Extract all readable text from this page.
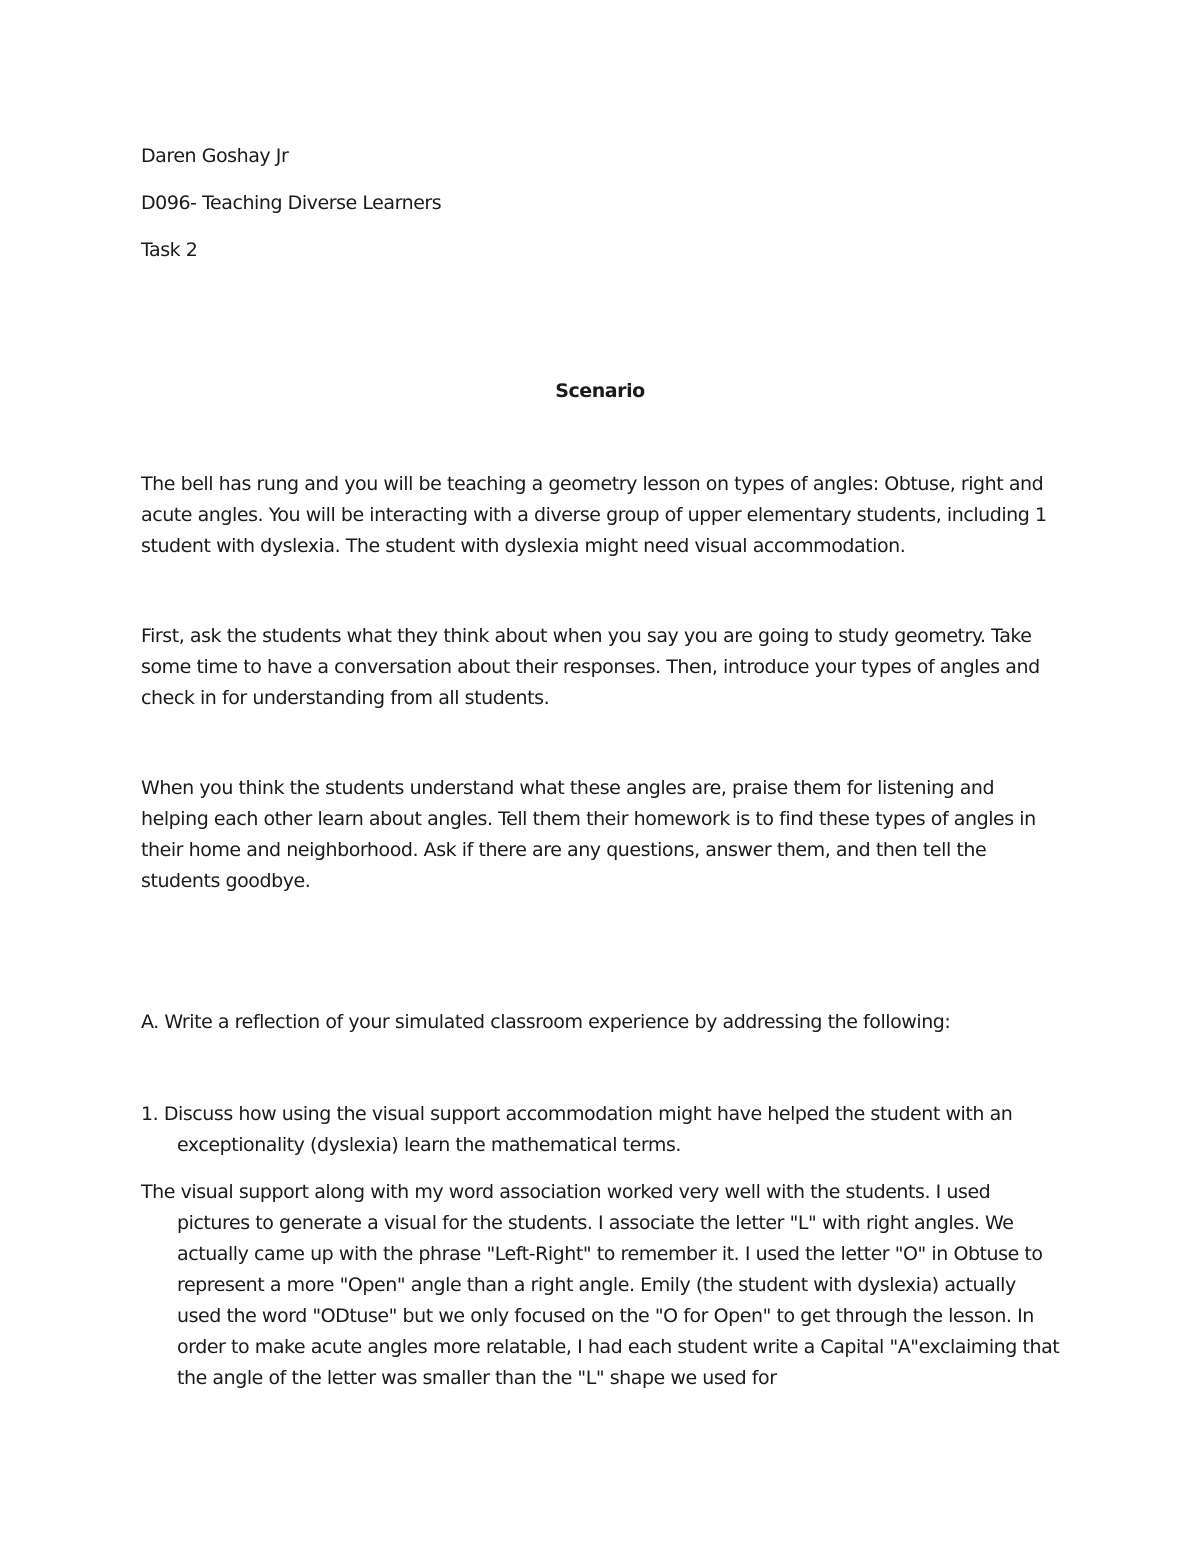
Daren Goshay Jr
D096- Teaching Diverse Learners
Task 2
Scenario
The bell has rung and you will be teaching a geometry lesson on types of angles: Obtuse, right and acute angles. You will be interacting with a diverse group of upper elementary students, including 1 student with dyslexia. The student with dyslexia might need visual accommodation.
First, ask the students what they think about when you say you are going to study geometry. Take some time to have a conversation about their responses. Then, introduce your types of angles and check in for understanding from all students.
When you think the students understand what these angles are, praise them for listening and helping each other learn about angles. Tell them their homework is to find these types of angles in their home and neighborhood. Ask if there are any questions, answer them, and then tell the students goodbye.
A. Write a reflection of your simulated classroom experience by addressing the following:
1. Discuss how using the visual support accommodation might have helped the student with an exceptionality (dyslexia) learn the mathematical terms.
The visual support along with my word association worked very well with the students. I used pictures to generate a visual for the students. I associate the letter "L" with right angles. We actually came up with the phrase "Left-Right" to remember it. I used the letter "O" in Obtuse to represent a more "Open" angle than a right angle. Emily (the student with dyslexia) actually used the word "ODtuse" but we only focused on the "O for Open" to get through the lesson. In order to make acute angles more relatable, I had each student write a Capital "A"exclaiming that the angle of the letter was smaller than the "L" shape we used for
